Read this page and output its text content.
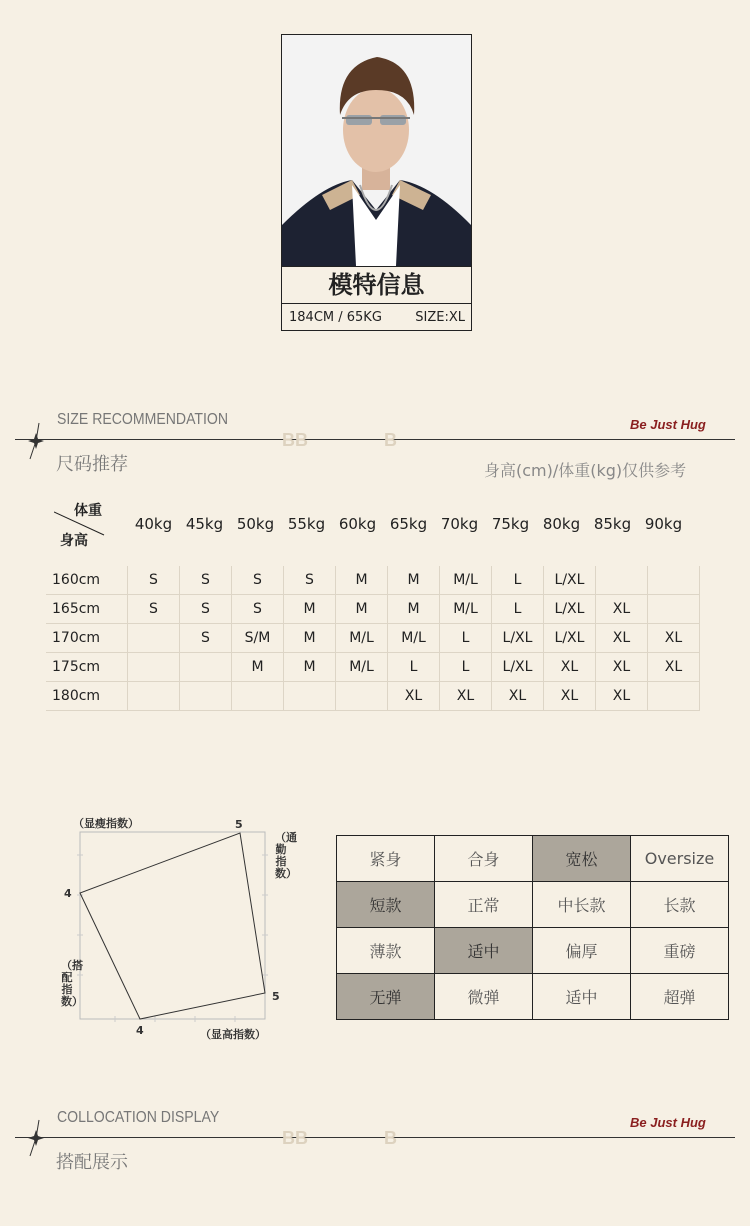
模特信息
184CM / 65KG	SIZE:XL
SIZE RECOMMENDATION
BB	B
Be Just Hug
尺码推荐	身高(cm)/体重(kg)仅供参考
体重
身高
40kg 45kg 50kg 55kg 60kg 65kg 70kg 75kg 80kg 85kg 90kg
160cm	S	S	S	S	M	M	M/L	L	L/XL		
165cm	S	S	S	M	M	M	M/L	L	L/XL	XL	
170cm		S	S/M	M	M/L	M/L	L	L/XL	L/XL	XL	XL
175cm			M	M	M/L	L	L	L/XL	XL	XL	XL
180cm						XL	XL	XL	XL	XL	
（显瘦指数）	5
（通勤指数）
5
4
（搭配指数）
4	（显高指数）
紧身	合身	宽松	Oversize
短款	正常	中长款	长款
薄款	适中	偏厚	重磅
无弹	微弹	适中	超弹
COLLOCATION DISPLAY
BB	B
Be Just Hug
搭配展示
